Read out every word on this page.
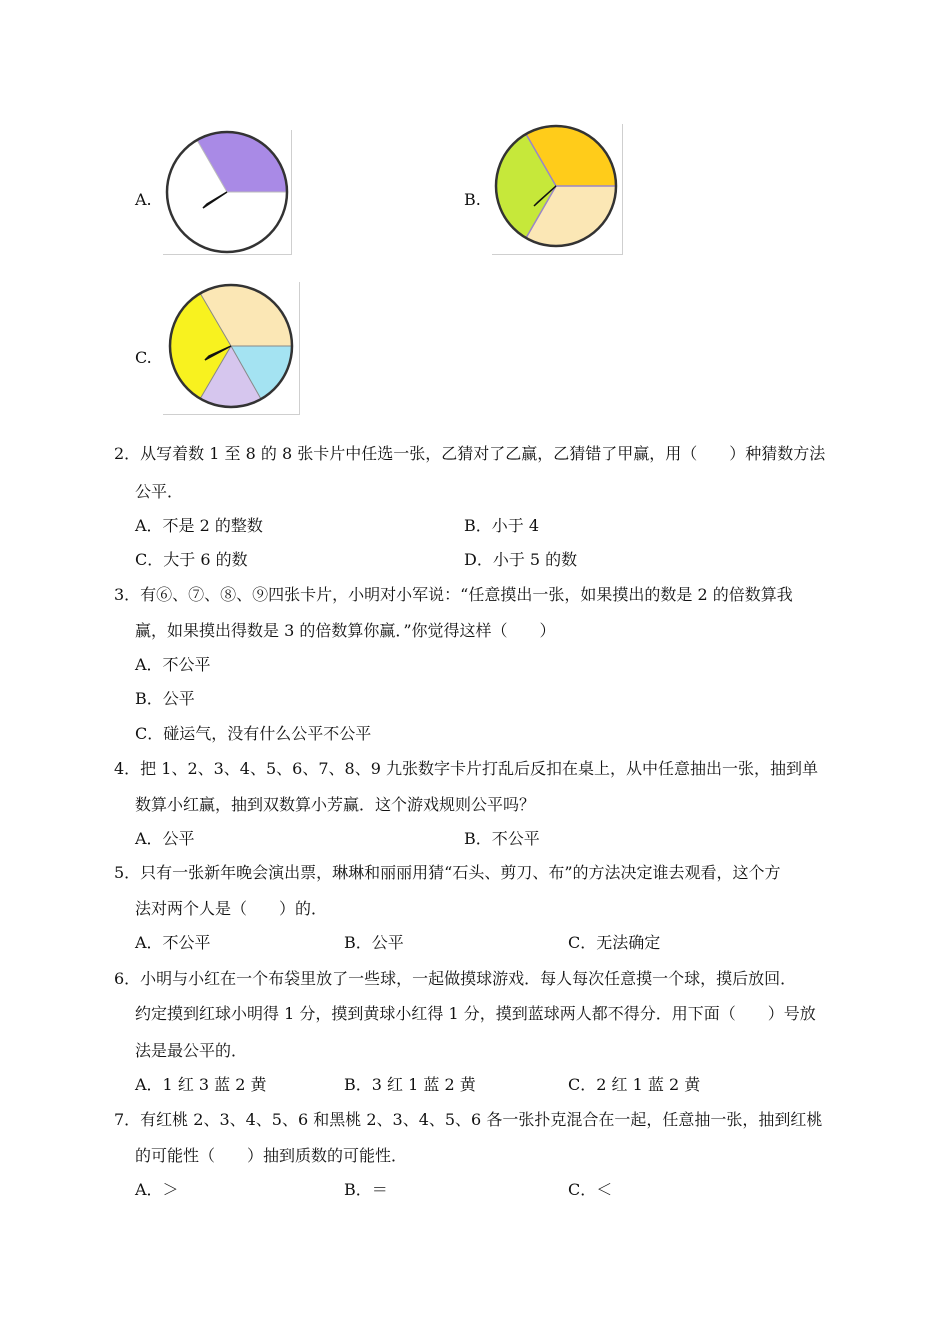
A.	B.
C.
2．从写着数 1 至 8 的 8 张卡片中任选一张，乙猜对了乙赢，乙猜错了甲赢，用（　　）种猜数方法
公平．
A．不是 2 的整数	B．小于 4
C．大于 6 的数	D．小于 5 的数
3．有⑥、⑦、⑧、⑨四张卡片，小明对小军说：“任意摸出一张，如果摸出的数是 2 的倍数算我
赢，如果摸出得数是 3 的倍数算你赢．”你觉得这样（　　）
A．不公平
B．公平
C．碰运气，没有什么公平不公平
4．把 1、2、3、4、5、6、7、8、9 九张数字卡片打乱后反扣在桌上，从中任意抽出一张，抽到单
数算小红赢，抽到双数算小芳赢．这个游戏规则公平吗？
A．公平	B．不公平
5．只有一张新年晚会演出票，琳琳和丽丽用猜“石头、剪刀、布”的方法决定谁去观看，这个方
法对两个人是（　　）的．
A．不公平	B．公平	C．无法确定
6．小明与小红在一个布袋里放了一些球，一起做摸球游戏．每人每次任意摸一个球，摸后放回．
约定摸到红球小明得 1 分，摸到黄球小红得 1 分，摸到蓝球两人都不得分．用下面（　　）号放
法是最公平的．
A．1 红 3 蓝 2 黄	B．3 红 1 蓝 2 黄	C．2 红 1 蓝 2 黄
7．有红桃 2、3、4、5、6 和黑桃 2、3、4、5、6 各一张扑克混合在一起，任意抽一张，抽到红桃
的可能性（　　）抽到质数的可能性．
A．＞	B．＝	C．＜
